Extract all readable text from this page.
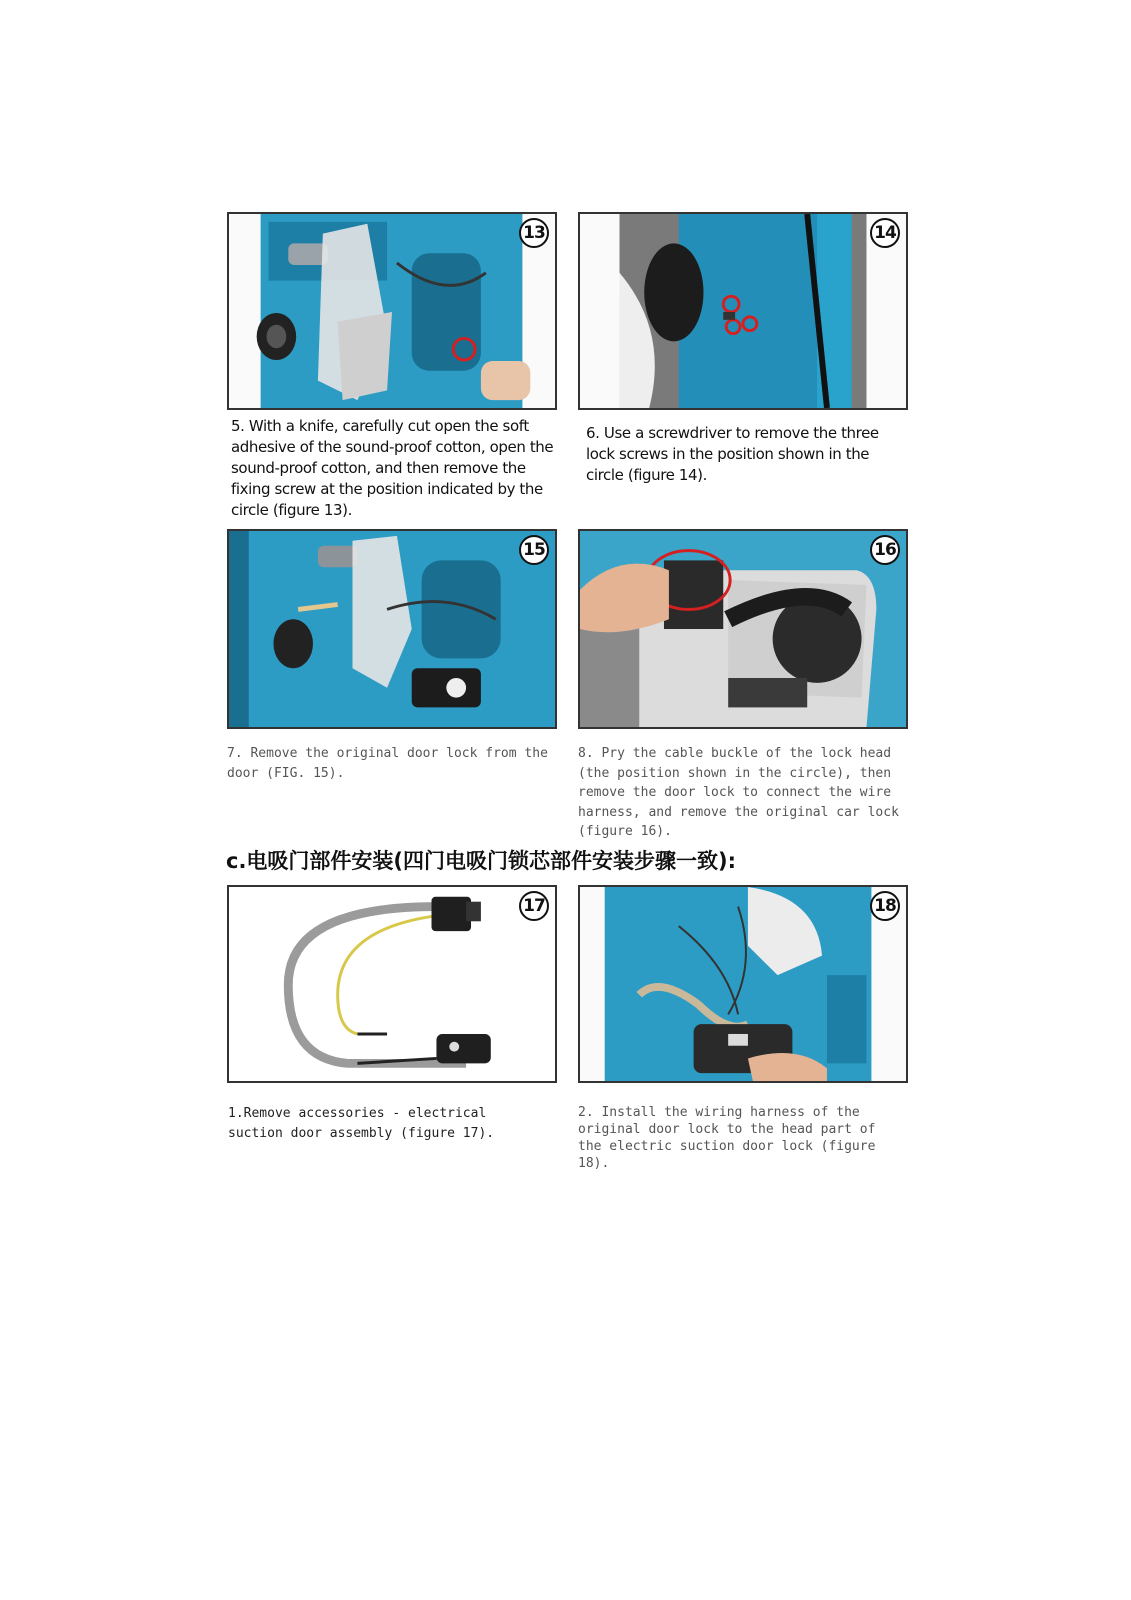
13	14
5. With a knife, carefully cut open the soft adhesive of the sound-proof cotton, open the sound-proof cotton, and then remove the fixing screw at the position indicated by the circle (figure 13).
6. Use a screwdriver to remove the three lock screws in the position shown in the circle (figure 14).
15	16
7. Remove the original door lock from the door (FIG. 15).
8. Pry the cable buckle of the lock head (the position shown in the circle), then remove the door lock to connect the wire harness, and remove the original car lock (figure 16).
c.电吸门部件安装(四门电吸门锁芯部件安装步骤一致):
17	18
1.Remove accessories - electrical suction door assembly (figure 17).
2. Install the wiring harness of the original door lock to the head part of the electric suction door lock (figure 18).
